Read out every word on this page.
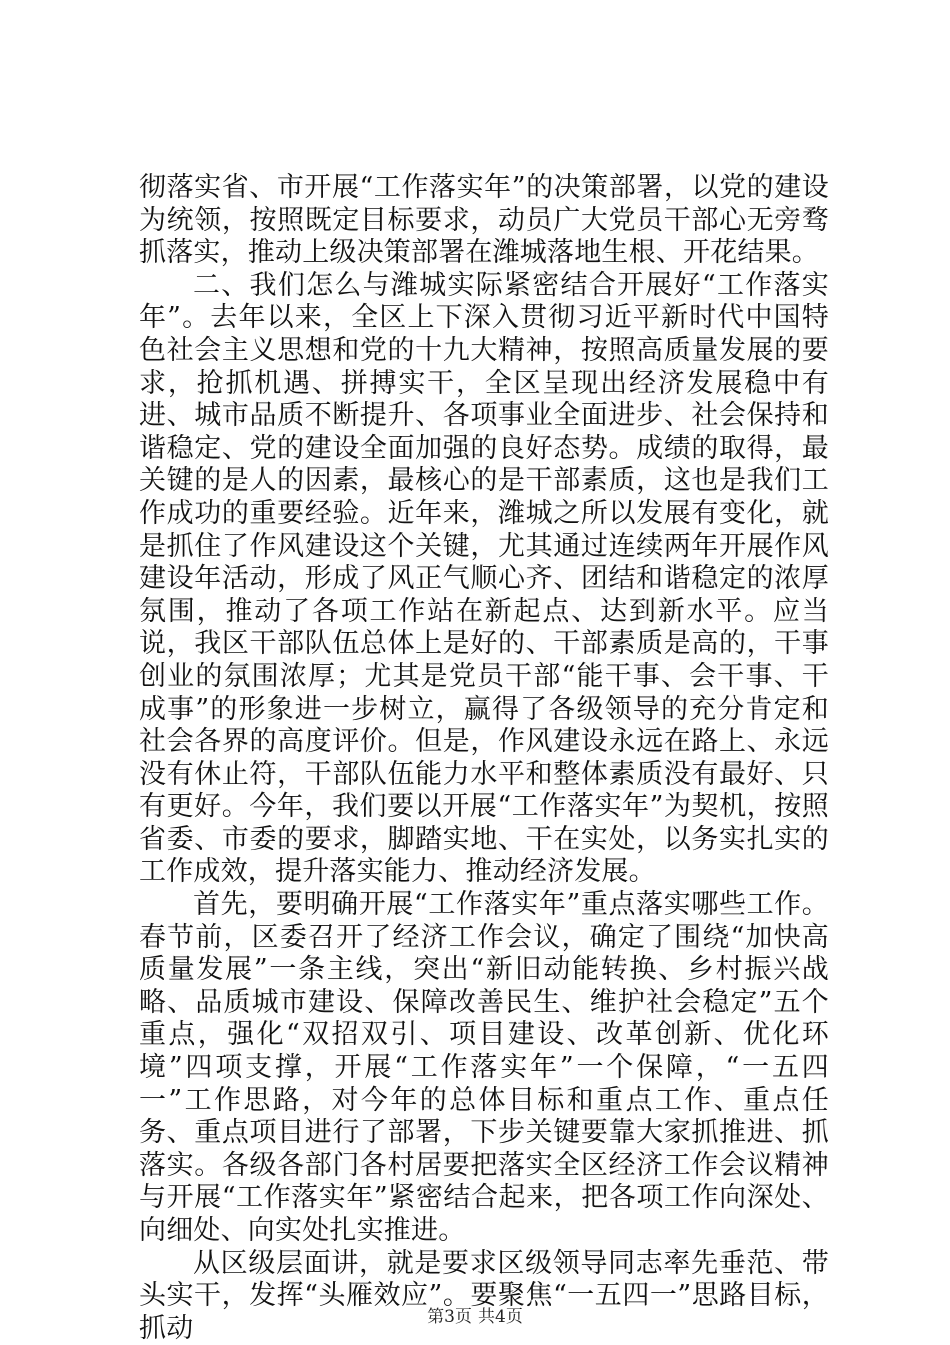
彻落实省、市开展“工作落实年”的决策部署，以党的建设为统领，按照既定目标要求，动员广大党员干部心无旁骛抓落实，推动上级决策部署在潍城落地生根、开花结果。

二、我们怎么与潍城实际紧密结合开展好“工作落实年”。去年以来，全区上下深入贯彻习近平新时代中国特色社会主义思想和党的十九大精神，按照高质量发展的要求，抢抓机遇、拼搏实干，全区呈现出经济发展稳中有进、城市品质不断提升、各项事业全面进步、社会保持和谐稳定、党的建设全面加强的良好态势。成绩的取得，最关键的是人的因素，最核心的是干部素质，这也是我们工作成功的重要经验。近年来，潍城之所以发展有变化，就是抓住了作风建设这个关键，尤其通过连续两年开展作风建设年活动，形成了风正气顺心齐、团结和谐稳定的浓厚氛围，推动了各项工作站在新起点、达到新水平。应当说，我区干部队伍总体上是好的、干部素质是高的，干事创业的氛围浓厚；尤其是党员干部“能干事、会干事、干成事”的形象进一步树立，赢得了各级领导的充分肯定和社会各界的高度评价。但是，作风建设永远在路上、永远没有休止符，干部队伍能力水平和整体素质没有最好、只有更好。今年，我们要以开展“工作落实年”为契机，按照省委、市委的要求，脚踏实地、干在实处，以务实扎实的工作成效，提升落实能力、推动经济发展。

首先，要明确开展“工作落实年”重点落实哪些工作。春节前，区委召开了经济工作会议，确定了围绕“加快高质量发展”一条主线，突出“新旧动能转换、乡村振兴战略、品质城市建设、保障改善民生、维护社会稳定”五个重点，强化“双招双引、项目建设、改革创新、优化环境”四项支撑，开展“工作落实年”一个保障，“一五四一”工作思路，对今年的总体目标和重点工作、重点任务、重点项目进行了部署，下步关键要靠大家抓推进、抓落实。各级各部门各村居要把落实全区经济工作会议精神与开展“工作落实年”紧密结合起来，把各项工作向深处、向细处、向实处扎实推进。

从区级层面讲，就是要求区级领导同志率先垂范、带头实干，发挥“头雁效应”。要聚焦“一五四一”思路目标，抓动	第3页 共4页
